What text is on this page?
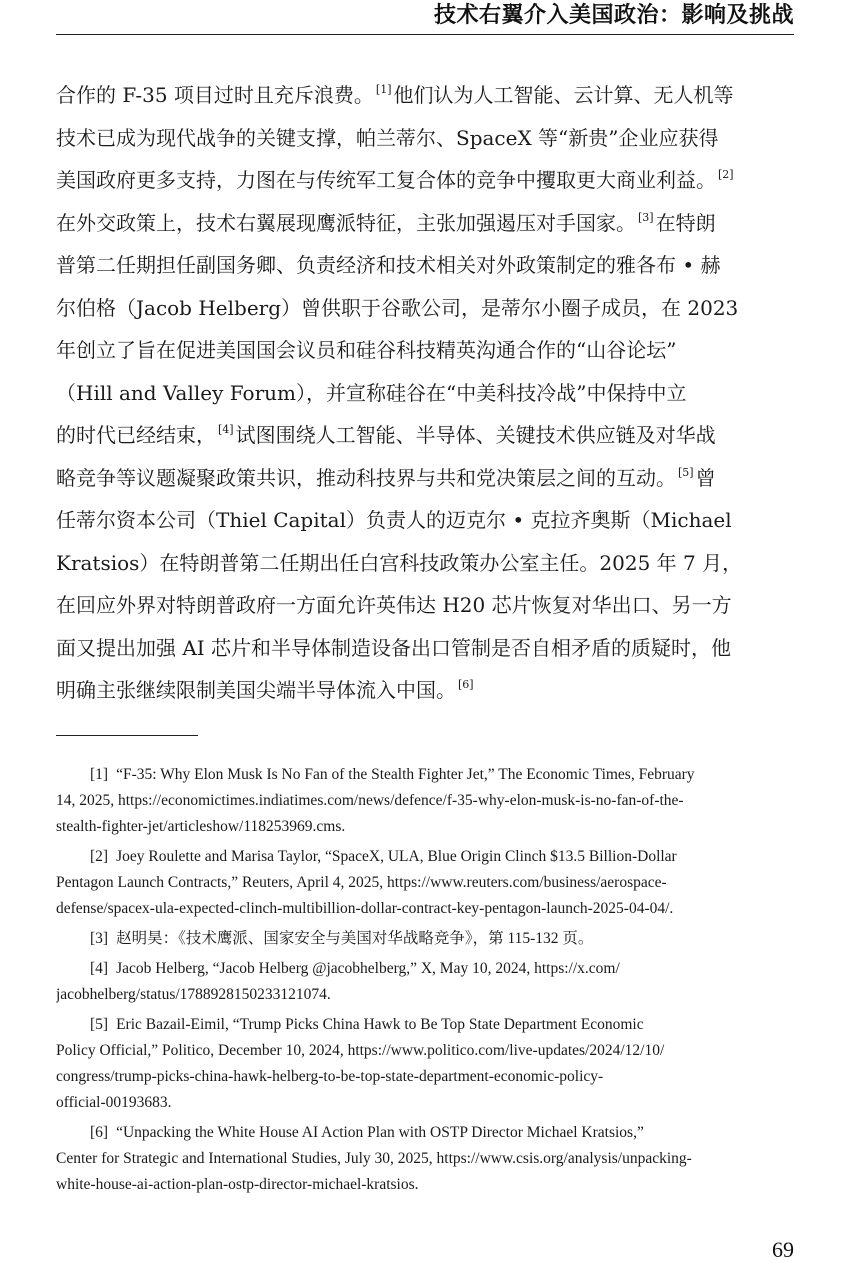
技术右翼介入美国政治：影响及挑战
合作的 F-35 项目过时且充斥浪费。 [1] 他们认为人工智能、云计算、无人机等
技术已成为现代战争的关键支撑，帕兰蒂尔、SpaceX 等“新贵”企业应获得
美国政府更多支持，力图在与传统军工复合体的竞争中攫取更大商业利益。 [2]
在外交政策上，技术右翼展现鹰派特征，主张加强遏压对手国家。 [3] 在特朗
普第二任期担任副国务卿、负责经济和技术相关对外政策制定的雅各布 • 赫
尔伯格（Jacob Helberg）曾供职于谷歌公司，是蒂尔小圈子成员，在 2023
年创立了旨在促进美国国会议员和硅谷科技精英沟通合作的“山谷论坛”
（Hill and Valley Forum），并宣称硅谷在“中美科技冷战”中保持中立
的时代已经结束， [4] 试图围绕人工智能、半导体、关键技术供应链及对华战
略竞争等议题凝聚政策共识，推动科技界与共和党决策层之间的互动。 [5] 曾
任蒂尔资本公司（Thiel Capital）负责人的迈克尔 • 克拉齐奥斯（Michael
Kratsios）在特朗普第二任期出任白宫科技政策办公室主任。2025 年 7 月，
在回应外界对特朗普政府一方面允许英伟达 H20 芯片恢复对华出口、另一方
面又提出加强 AI 芯片和半导体制造设备出口管制是否自相矛盾的质疑时，他
明确主张继续限制美国尖端半导体流入中国。 [6]
[1] “F-35: Why Elon Musk Is No Fan of the Stealth Fighter Jet,” The Economic Times, February
14, 2025, https://economictimes.indiatimes.com/news/defence/f-35-why-elon-musk-is-no-fan-of-the-
stealth-fighter-jet/articleshow/118253969.cms.
[2] Joey Roulette and Marisa Taylor, “SpaceX, ULA, Blue Origin Clinch $13.5 Billion-Dollar
Pentagon Launch Contracts,” Reuters, April 4, 2025, https://www.reuters.com/business/aerospace-
defense/spacex-ula-expected-clinch-multibillion-dollar-contract-key-pentagon-launch-2025-04-04/.
[3] 赵明昊：《技术鹰派、国家安全与美国对华战略竞争》，第 115-132 页。
[4] Jacob Helberg, “Jacob Helberg @jacobhelberg,” X, May 10, 2024, https://x.com/
jacobhelberg/status/1788928150233121074.
[5] Eric Bazail-Eimil, “Trump Picks China Hawk to Be Top State Department Economic
Policy Official,” Politico, December 10, 2024, https://www.politico.com/live-updates/2024/12/10/
congress/trump-picks-china-hawk-helberg-to-be-top-state-department-economic-policy-
official-00193683.
[6] “Unpacking the White House AI Action Plan with OSTP Director Michael Kratsios,”
Center for Strategic and International Studies, July 30, 2025, https://www.csis.org/analysis/unpacking-
white-house-ai-action-plan-ostp-director-michael-kratsios.
69
